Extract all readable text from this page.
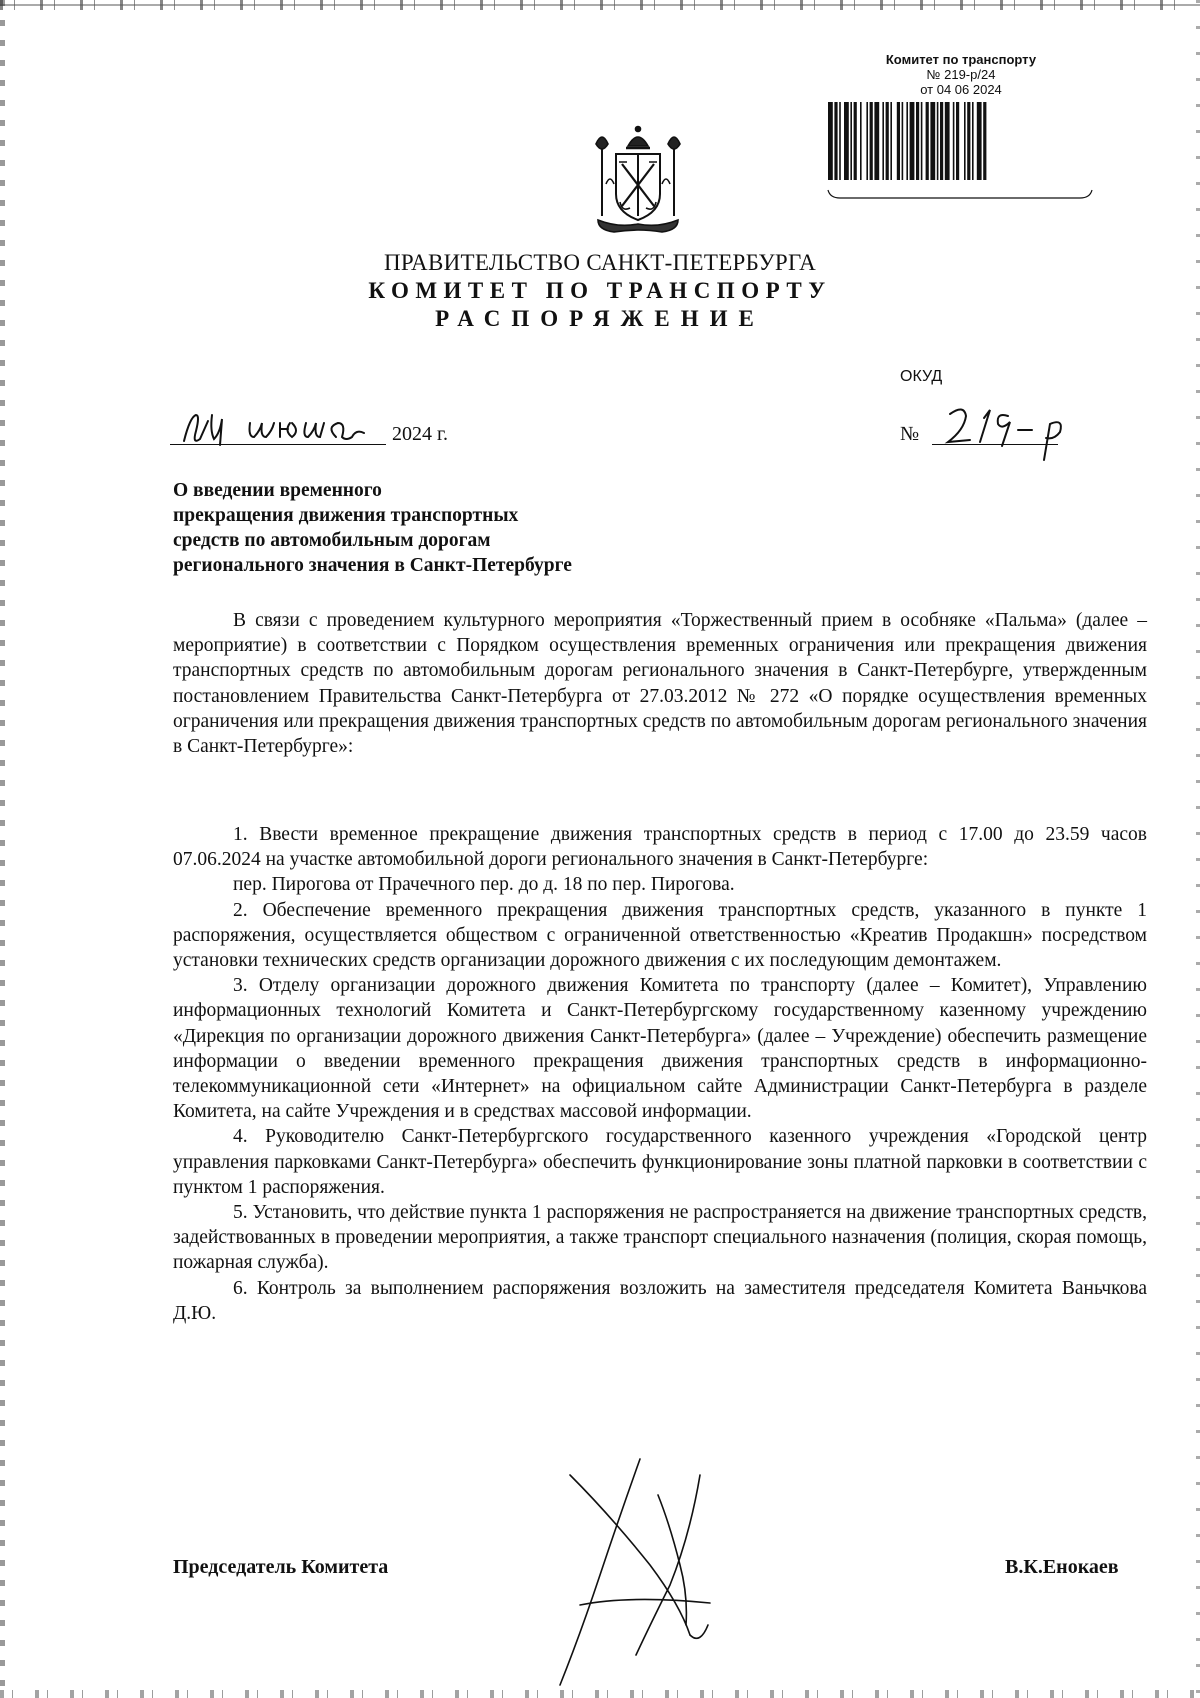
Комитет по транспорту
№ 219-р/24
от 04 06 2024
ПРАВИТЕЛЬСТВО САНКТ-ПЕТЕРБУРГА
КОМИТЕТ ПО ТРАНСПОРТУ
РАСПОРЯЖЕНИЕ
ОКУД
2024 г.	№
О введении временного
прекращения движения транспортных
средств по автомобильным дорогам
регионального значения в Санкт-Петербурге

В связи с проведением культурного мероприятия «Торжественный прием в особняке «Пальма» (далее – мероприятие) в соответствии с Порядком осуществления временных ограничения или прекращения движения транспортных средств по автомобильным дорогам регионального значения в Санкт-Петербурге, утвержденным постановлением Правительства Санкт-Петербурга от 27.03.2012 № 272 «О порядке осуществления временных ограничения или прекращения движения транспортных средств по автомобильным дорогам регионального значения в Санкт-Петербурге»:

1. Ввести временное прекращение движения транспортных средств в период с 17.00 до 23.59 часов 07.06.2024 на участке автомобильной дороги регионального значения в Санкт-Петербурге:

пер. Пирогова от Прачечного пер. до д. 18 по пер. Пирогова.

2. Обеспечение временного прекращения движения транспортных средств, указанного в пункте 1 распоряжения, осуществляется обществом с ограниченной ответственностью «Креатив Продакшн» посредством установки технических средств организации дорожного движения с их последующим демонтажем.

3. Отделу организации дорожного движения Комитета по транспорту (далее – Комитет), Управлению информационных технологий Комитета и Санкт-Петербургскому государственному казенному учреждению «Дирекция по организации дорожного движения Санкт-Петербурга» (далее – Учреждение) обеспечить размещение информации о введении временного прекращения движения транспортных средств в информационно-телекоммуникационной сети «Интернет» на официальном сайте Администрации Санкт-Петербурга в разделе Комитета, на сайте Учреждения и в средствах массовой информации.

4. Руководителю Санкт-Петербургского государственного казенного учреждения «Городской центр управления парковками Санкт-Петербурга» обеспечить функционирование зоны платной парковки в соответствии с пунктом 1 распоряжения.

5. Установить, что действие пункта 1 распоряжения не распространяется на движение транспортных средств, задействованных в проведении мероприятия, а также транспорт специального назначения (полиция, скорая помощь, пожарная служба).

6. Контроль за выполнением распоряжения возложить на заместителя председателя Комитета Ваньчкова Д.Ю.

Председатель Комитета	В.К.Енокаев
